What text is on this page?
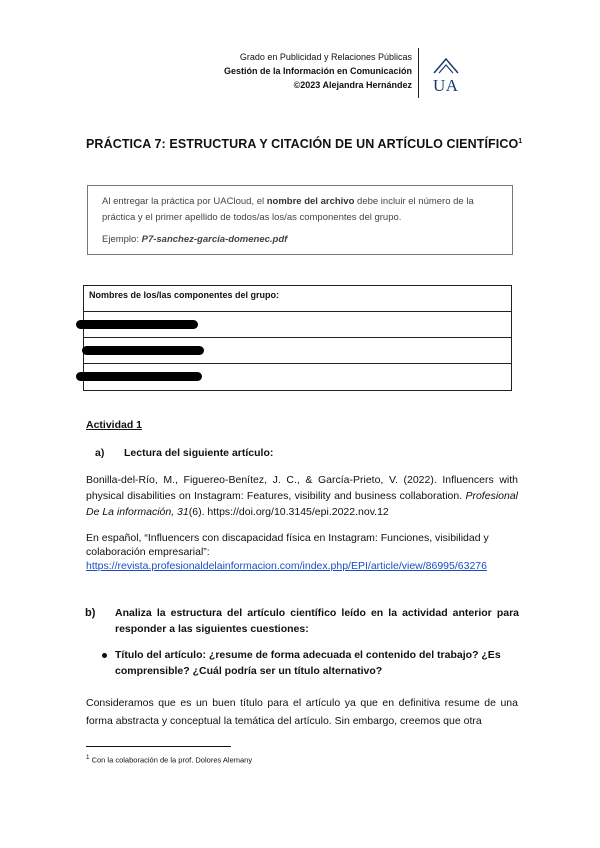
Grado en Publicidad y Relaciones Públicas
Gestión de la Información en Comunicación
©2023 Alejandra Hernández UA
PRÁCTICA 7: ESTRUCTURA Y CITACIÓN DE UN ARTÍCULO CIENTÍFICO$^1$
Al entregar la práctica por UACloud, el nombre del archivo debe incluir el número de la práctica y el primer apellido de todos/as los/as componentes del grupo.
Ejemplo: P7-sanchez-garcia-domenec.pdf
Nombres de los/las componentes del grupo:
Actividad 1
a) Lectura del siguiente artículo:
Bonilla-del-Río, M., Figuereo-Benítez, J. C., & García-Prieto, V. (2022). Influencers with physical disabilities on Instagram: Features, visibility and business collaboration. Profesional De La información, 31(6). https://doi.org/10.3145/epi.2022.nov.12
En español, “Influencers con discapacidad física en Instagram: Funciones, visibilidad y colaboración empresarial”:
https://revista.profesionaldelainformacion.com/index.php/EPI/article/view/86995/63276
b) Analiza la estructura del artículo científico leído en la actividad anterior para responder a las siguientes cuestiones:
Título del artículo: ¿resume de forma adecuada el contenido del trabajo? ¿Es comprensible? ¿Cuál podría ser un título alternativo?
Consideramos que es un buen título para el artículo ya que en definitiva resume de una forma abstracta y conceptual la temática del artículo. Sin embargo, creemos que otra
$^1$ Con la colaboración de la prof. Dolores Alemany
